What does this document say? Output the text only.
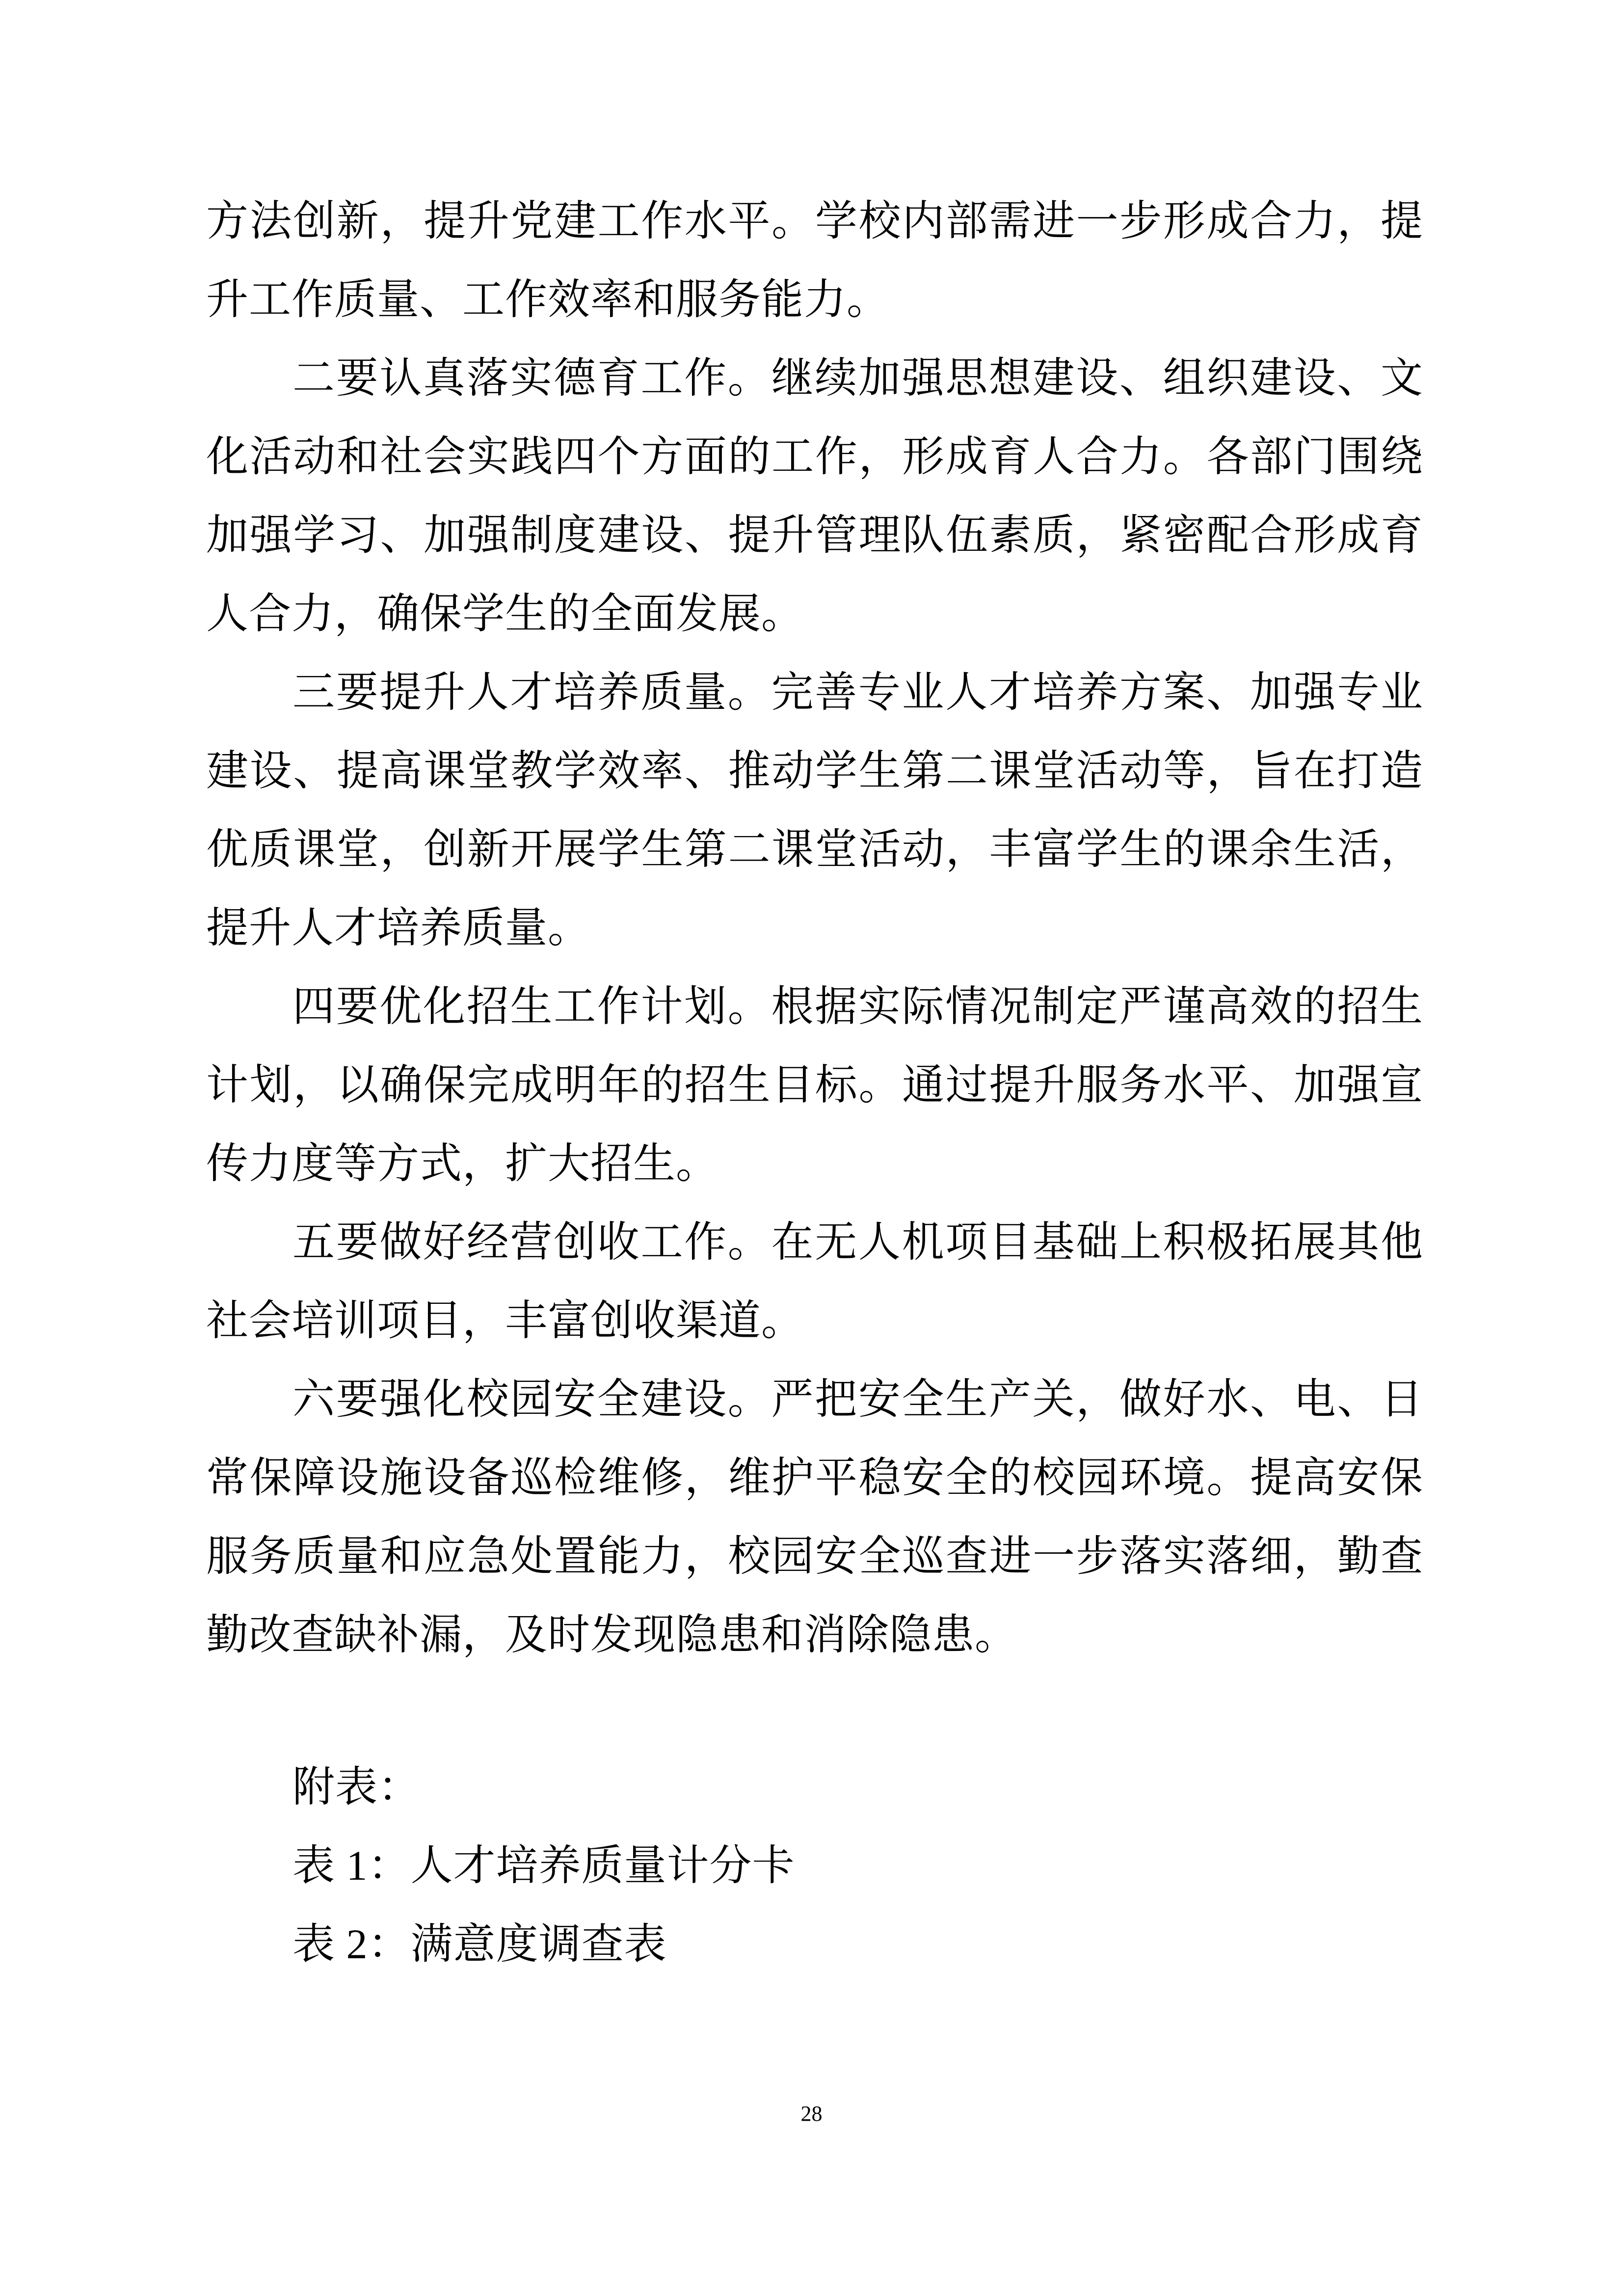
方法创新，提升党建工作水平。学校内部需进一步形成合力，提升工作质量、工作效率和服务能力。

二要认真落实德育工作。继续加强思想建设、组织建设、文化活动和社会实践四个方面的工作，形成育人合力。各部门围绕加强学习、加强制度建设、提升管理队伍素质，紧密配合形成育人合力，确保学生的全面发展。

三要提升人才培养质量。完善专业人才培养方案、加强专业建设、提高课堂教学效率、推动学生第二课堂活动等，旨在打造优质课堂，创新开展学生第二课堂活动，丰富学生的课余生活，提升人才培养质量。

四要优化招生工作计划。根据实际情况制定严谨高效的招生计划，以确保完成明年的招生目标。通过提升服务水平、加强宣传力度等方式，扩大招生。

五要做好经营创收工作。在无人机项目基础上积极拓展其他社会培训项目，丰富创收渠道。

六要强化校园安全建设。严把安全生产关，做好水、电、日常保障设施设备巡检维修，维护平稳安全的校园环境。提高安保服务质量和应急处置能力，校园安全巡查进一步落实落细，勤查勤改查缺补漏，及时发现隐患和消除隐患。

附表：
表 1：人才培养质量计分卡
表 2：满意度调查表
28
